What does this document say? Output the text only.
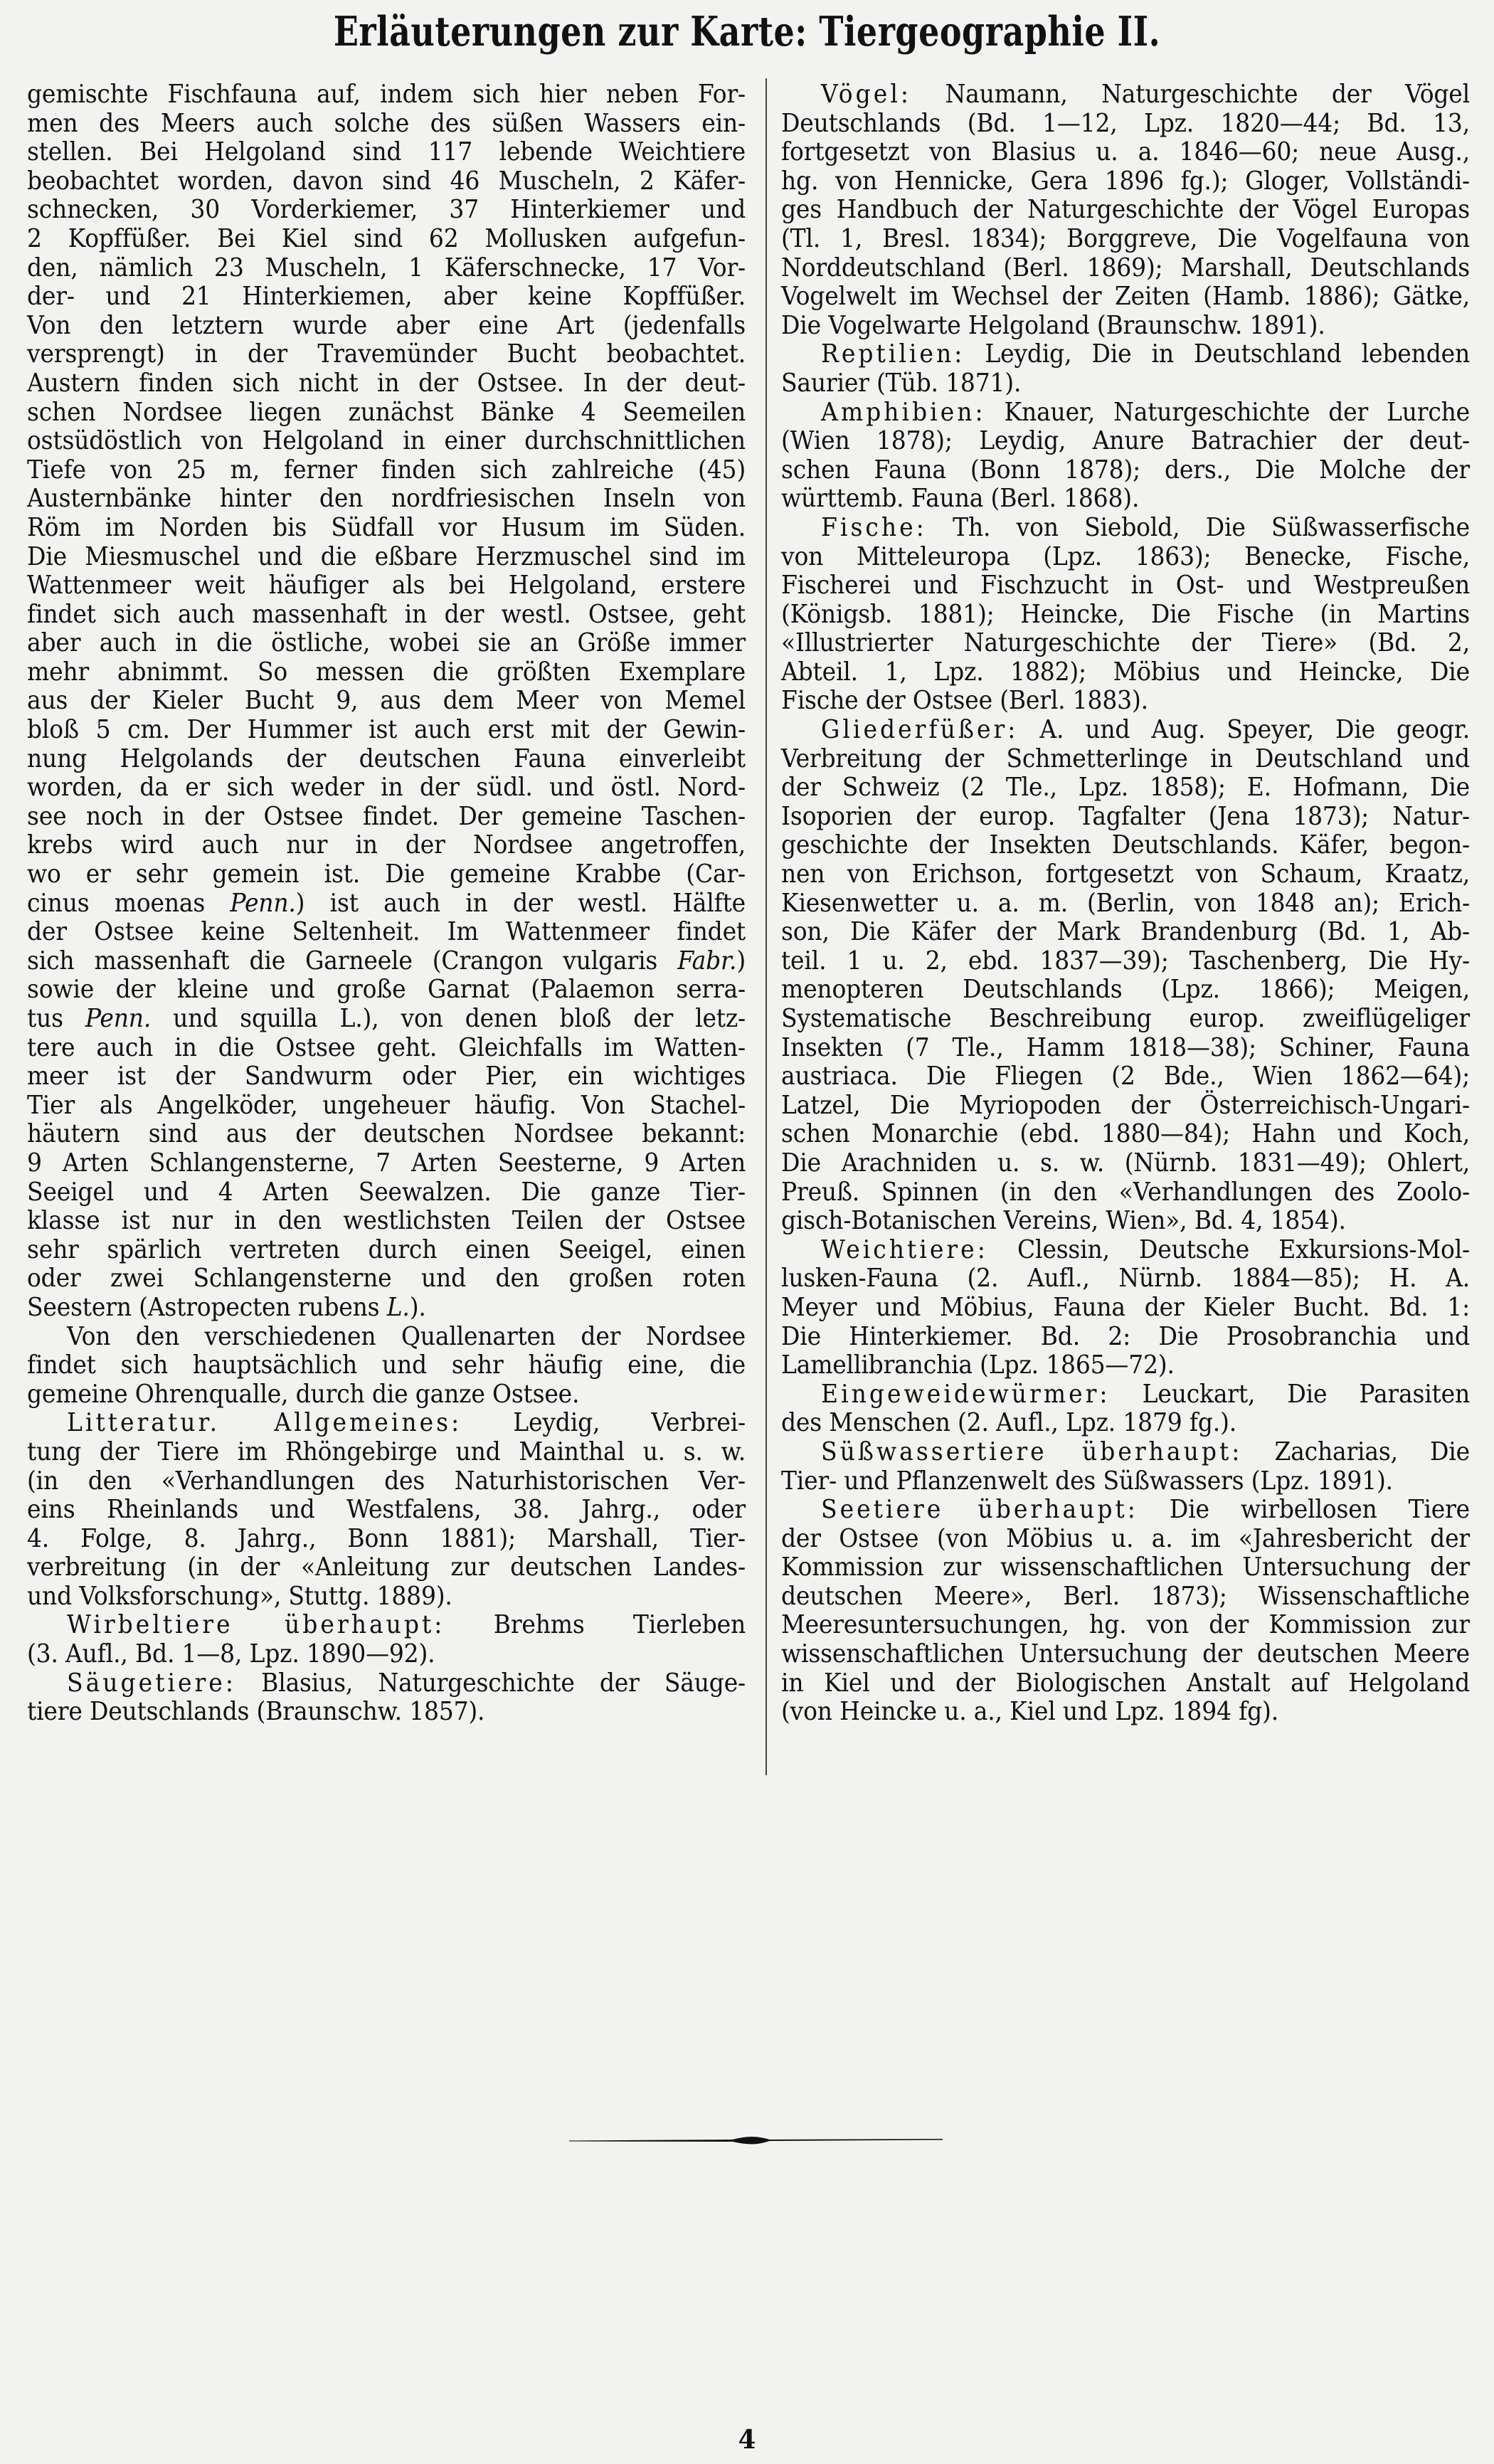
Erläuterungen zur Karte: Tiergeographie II.
gemischte Fischfauna auf, indem sich hier neben For-
men des Meers auch solche des süßen Wassers ein-
stellen. Bei Helgoland sind 117 lebende Weichtiere
beobachtet worden, davon sind 46 Muscheln, 2 Käfer-
schnecken, 30 Vorderkiemer, 37 Hinterkiemer und
2 Kopffüßer. Bei Kiel sind 62 Mollusken aufgefun-
den, nämlich 23 Muscheln, 1 Käferschnecke, 17 Vor-
der- und 21 Hinterkiemen, aber keine Kopffüßer.
Von den letztern wurde aber eine Art (jedenfalls
versprengt) in der Travemünder Bucht beobachtet.
Austern finden sich nicht in der Ostsee. In der deut-
schen Nordsee liegen zunächst Bänke 4 Seemeilen
ostsüdöstlich von Helgoland in einer durchschnittlichen
Tiefe von 25 m, ferner finden sich zahlreiche (45)
Austernbänke hinter den nordfriesischen Inseln von
Röm im Norden bis Südfall vor Husum im Süden.
Die Miesmuschel und die eßbare Herzmuschel sind im
Wattenmeer weit häufiger als bei Helgoland, erstere
findet sich auch massenhaft in der westl. Ostsee, geht
aber auch in die östliche, wobei sie an Größe immer
mehr abnimmt. So messen die größten Exemplare
aus der Kieler Bucht 9, aus dem Meer von Memel
bloß 5 cm. Der Hummer ist auch erst mit der Gewin-
nung Helgolands der deutschen Fauna einverleibt
worden, da er sich weder in der südl. und östl. Nord-
see noch in der Ostsee findet. Der gemeine Taschen-
krebs wird auch nur in der Nordsee angetroffen,
wo er sehr gemein ist. Die gemeine Krabbe (Car-
cinus moenas Penn.) ist auch in der westl. Hälfte
der Ostsee keine Seltenheit. Im Wattenmeer findet
sich massenhaft die Garneele (Crangon vulgaris Fabr.)
sowie der kleine und große Garnat (Palaemon serra-
tus Penn. und squilla L.), von denen bloß der letz-
tere auch in die Ostsee geht. Gleichfalls im Watten-
meer ist der Sandwurm oder Pier, ein wichtiges
Tier als Angelköder, ungeheuer häufig. Von Stachel-
häutern sind aus der deutschen Nordsee bekannt:
9 Arten Schlangensterne, 7 Arten Seesterne, 9 Arten
Seeigel und 4 Arten Seewalzen. Die ganze Tier-
klasse ist nur in den westlichsten Teilen der Ostsee
sehr spärlich vertreten durch einen Seeigel, einen
oder zwei Schlangensterne und den großen roten
Seestern (Astropecten rubens L.).
Von den verschiedenen Quallenarten der Nordsee
findet sich hauptsächlich und sehr häufig eine, die
gemeine Ohrenqualle, durch die ganze Ostsee.
Litteratur. Allgemeines: Leydig, Verbrei-
tung der Tiere im Rhöngebirge und Mainthal u. s. w.
(in den «Verhandlungen des Naturhistorischen Ver-
eins Rheinlands und Westfalens, 38. Jahrg., oder
4. Folge, 8. Jahrg., Bonn 1881); Marshall, Tier-
verbreitung (in der «Anleitung zur deutschen Landes-
und Volksforschung», Stuttg. 1889).
Wirbeltiere überhaupt: Brehms Tierleben
(3. Aufl., Bd. 1—8, Lpz. 1890—92).
Säugetiere: Blasius, Naturgeschichte der Säuge-
tiere Deutschlands (Braunschw. 1857).
Vögel: Naumann, Naturgeschichte der Vögel
Deutschlands (Bd. 1—12, Lpz. 1820—44; Bd. 13,
fortgesetzt von Blasius u. a. 1846—60; neue Ausg.,
hg. von Hennicke, Gera 1896 fg.); Gloger, Vollständi-
ges Handbuch der Naturgeschichte der Vögel Europas
(Tl. 1, Bresl. 1834); Borggreve, Die Vogelfauna von
Norddeutschland (Berl. 1869); Marshall, Deutschlands
Vogelwelt im Wechsel der Zeiten (Hamb. 1886); Gätke,
Die Vogelwarte Helgoland (Braunschw. 1891).
Reptilien: Leydig, Die in Deutschland lebenden
Saurier (Tüb. 1871).
Amphibien: Knauer, Naturgeschichte der Lurche
(Wien 1878); Leydig, Anure Batrachier der deut-
schen Fauna (Bonn 1878); ders., Die Molche der
württemb. Fauna (Berl. 1868).
Fische: Th. von Siebold, Die Süßwasserfische
von Mitteleuropa (Lpz. 1863); Benecke, Fische,
Fischerei und Fischzucht in Ost- und Westpreußen
(Königsb. 1881); Heincke, Die Fische (in Martins
«Illustrierter Naturgeschichte der Tiere» (Bd. 2,
Abteil. 1, Lpz. 1882); Möbius und Heincke, Die
Fische der Ostsee (Berl. 1883).
Gliederfüßer: A. und Aug. Speyer, Die geogr.
Verbreitung der Schmetterlinge in Deutschland und
der Schweiz (2 Tle., Lpz. 1858); E. Hofmann, Die
Isoporien der europ. Tagfalter (Jena 1873); Natur-
geschichte der Insekten Deutschlands. Käfer, begon-
nen von Erichson, fortgesetzt von Schaum, Kraatz,
Kiesenwetter u. a. m. (Berlin, von 1848 an); Erich-
son, Die Käfer der Mark Brandenburg (Bd. 1, Ab-
teil. 1 u. 2, ebd. 1837—39); Taschenberg, Die Hy-
menopteren Deutschlands (Lpz. 1866); Meigen,
Systematische Beschreibung europ. zweiflügeliger
Insekten (7 Tle., Hamm 1818—38); Schiner, Fauna
austriaca. Die Fliegen (2 Bde., Wien 1862—64);
Latzel, Die Myriopoden der Österreichisch-Ungari-
schen Monarchie (ebd. 1880—84); Hahn und Koch,
Die Arachniden u. s. w. (Nürnb. 1831—49); Ohlert,
Preuß. Spinnen (in den «Verhandlungen des Zoolo-
gisch-Botanischen Vereins, Wien», Bd. 4, 1854).
Weichtiere: Clessin, Deutsche Exkursions-Mol-
lusken-Fauna (2. Aufl., Nürnb. 1884—85); H. A.
Meyer und Möbius, Fauna der Kieler Bucht. Bd. 1:
Die Hinterkiemer. Bd. 2: Die Prosobranchia und
Lamellibranchia (Lpz. 1865—72).
Eingeweidewürmer: Leuckart, Die Parasiten
des Menschen (2. Aufl., Lpz. 1879 fg.).
Süßwassertiere überhaupt: Zacharias, Die
Tier- und Pflanzenwelt des Süßwassers (Lpz. 1891).
Seetiere überhaupt: Die wirbellosen Tiere
der Ostsee (von Möbius u. a. im «Jahresbericht der
Kommission zur wissenschaftlichen Untersuchung der
deutschen Meere», Berl. 1873); Wissenschaftliche
Meeresuntersuchungen, hg. von der Kommission zur
wissenschaftlichen Untersuchung der deutschen Meere
in Kiel und der Biologischen Anstalt auf Helgoland
(von Heincke u. a., Kiel und Lpz. 1894 fg).
4
